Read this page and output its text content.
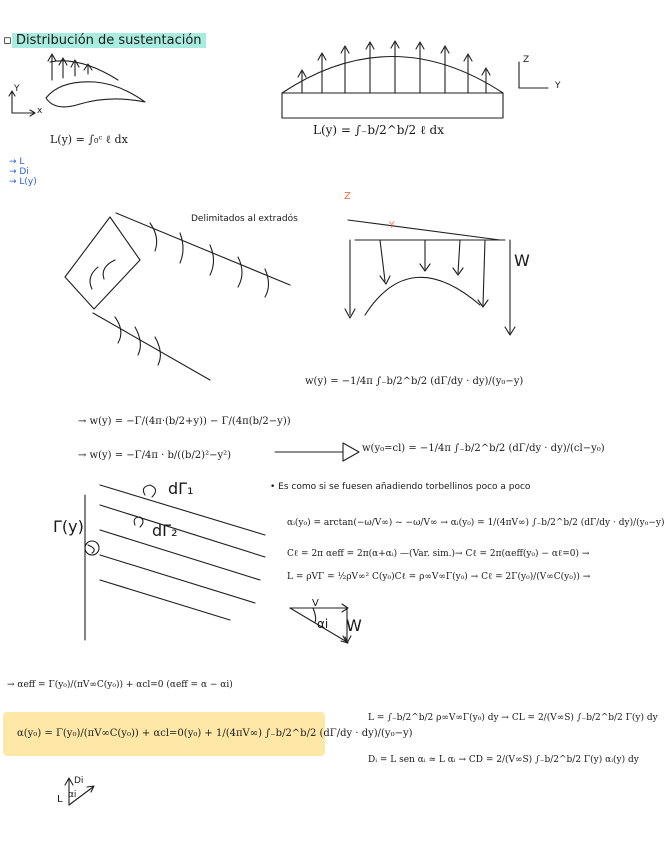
▫ Distribución de sustentación
Y
x
L(y) = ∫₀ᶜ ℓ dx
→ L
→ Di
→ L(y)
Z
Y
L(y) = ∫₋b/2^b/2 ℓ dx
Delimitados al extradós
Z
Y
W
w(y) = −1/4π ∫₋b/2^b/2 (dΓ/dy · dy)/(y₀−y)
→ w(y) = −Γ/(4π·(b/2+y)) − Γ/(4π(b/2−y))
→ w(y) = −Γ/4π · b/((b/2)²−y²)
w(y₀=cl) = −1/4π ∫₋b/2^b/2 (dΓ/dy · dy)/(cl−y₀)
Γ(y)
dΓ₁
dΓ₂
• Es como si se fuesen añadiendo torbellinos poco a poco
αᵢ(y₀) = arctan(−ω/V∞) ~ −ω/V∞ → αᵢ(y₀) = 1/(4πV∞) ∫₋b/2^b/2 (dΓ/dy · dy)/(y₀−y)
Cℓ = 2π αeff = 2π(α+αᵢ) —(Var. sim.)→ Cℓ = 2π(αeff(y₀) − αℓ=0) →
L = ρVΓ = ½ρV∞² C(y₀)Cℓ = ρ∞V∞Γ(y₀) → Cℓ = 2Γ(y₀)/(V∞C(y₀)) →
V
αi W
→ αeff = Γ(y₀)/(πV∞C(y₀)) + αcl=0 (αeff = α − αi)
α(y₀) = Γ(y₀)/(πV∞C(y₀)) + αcl=0(y₀) + 1/(4πV∞) ∫₋b/2^b/2 (dΓ/dy · dy)/(y₀−y)
L = ∫₋b/2^b/2 ρ∞V∞Γ(y₀) dy → CL = 2/(V∞S) ∫₋b/2^b/2 Γ(y) dy
Dᵢ = L sen αᵢ ≃ L αᵢ → CD = 2/(V∞S) ∫₋b/2^b/2 Γ(y) αᵢ(y) dy
L
Di
αi
